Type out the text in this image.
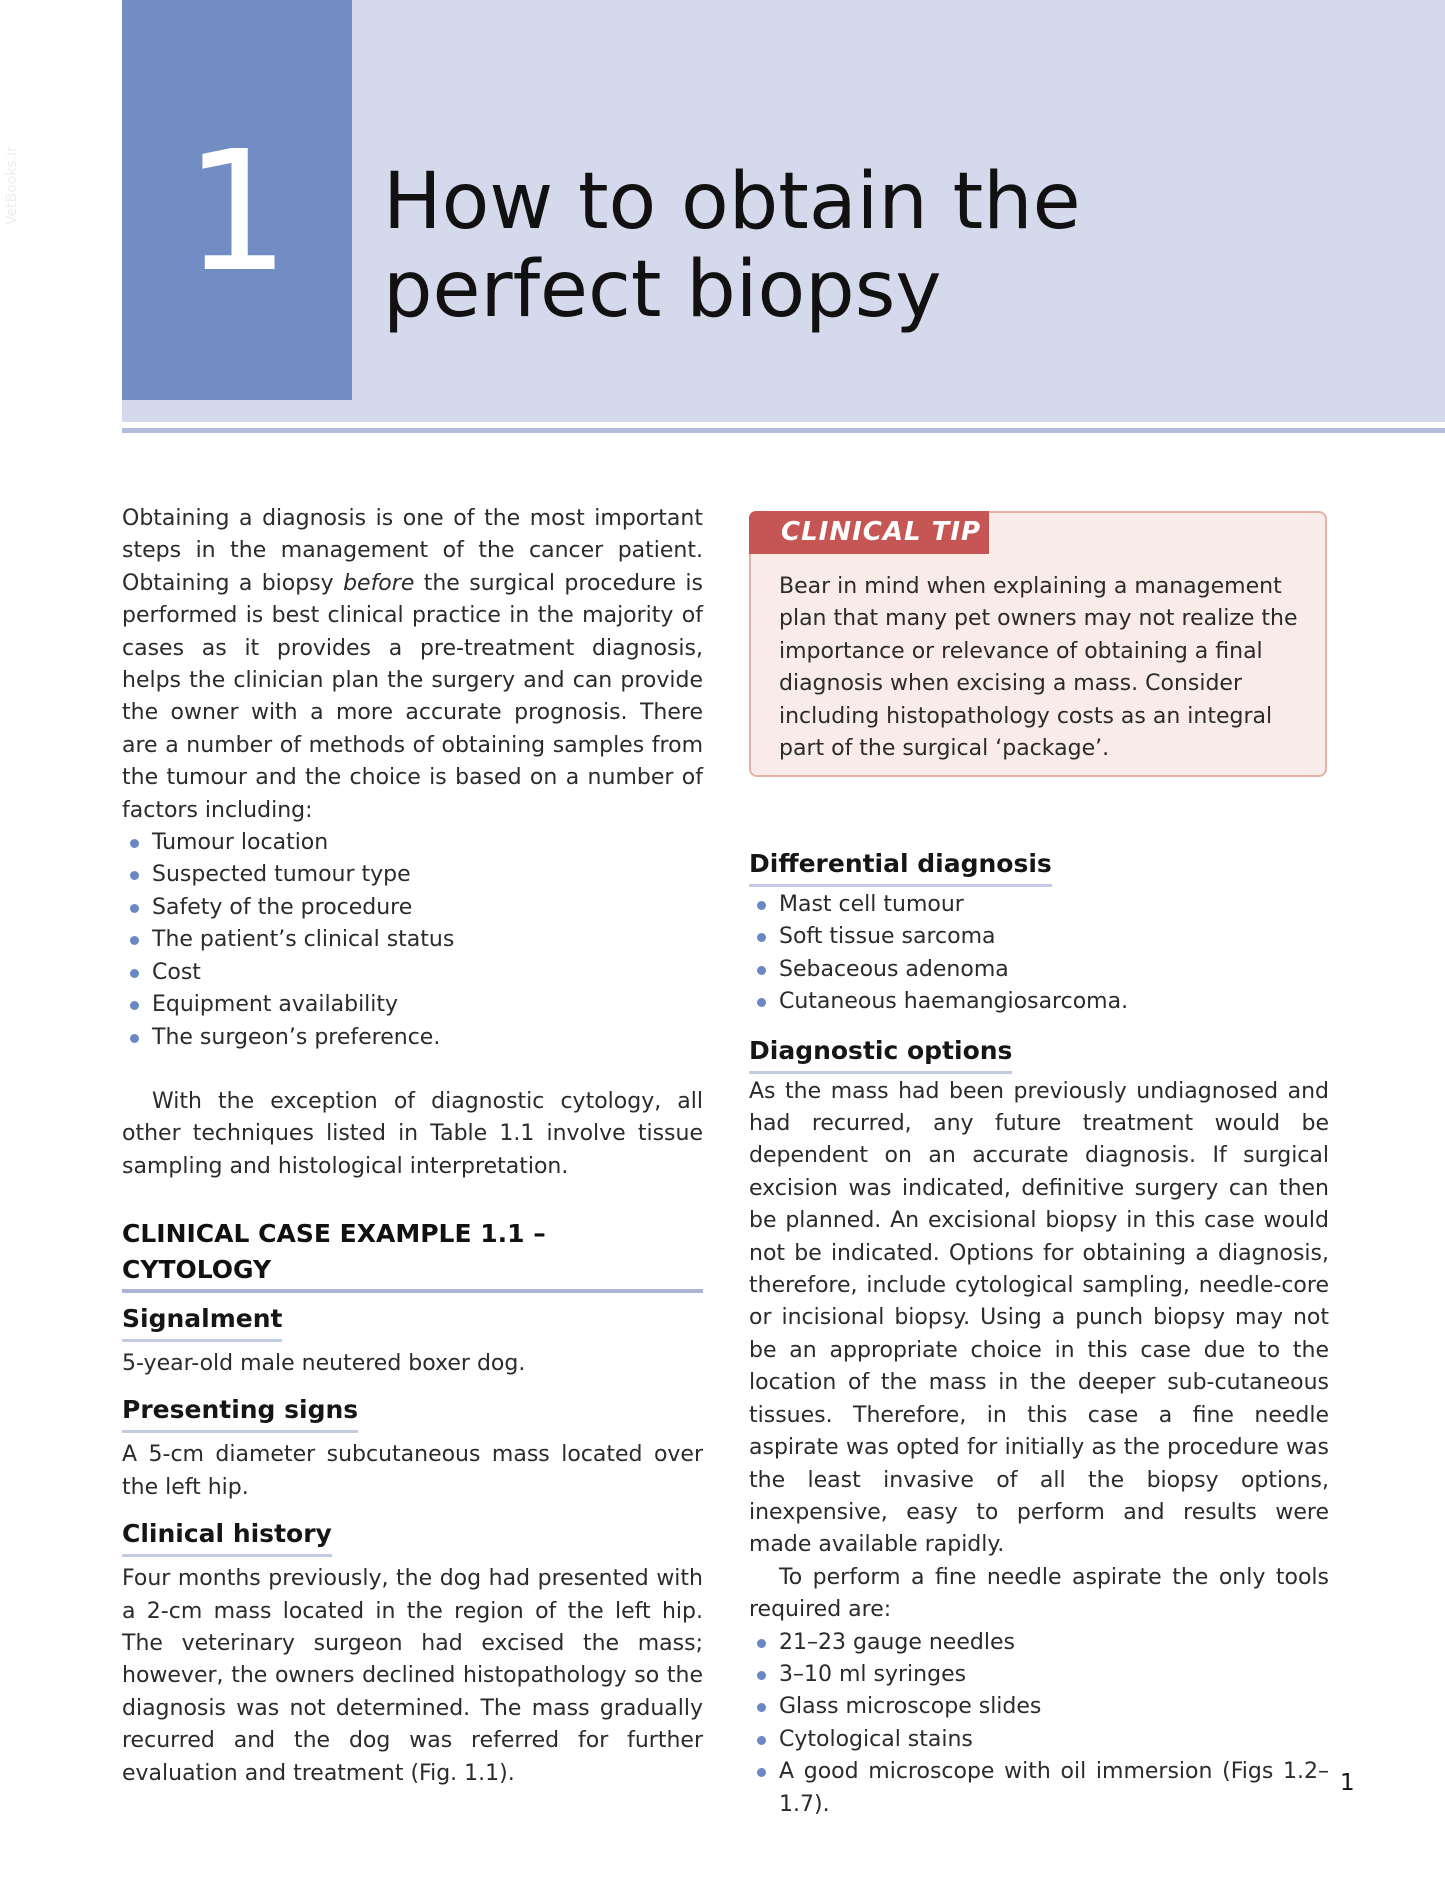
VetBooks.ir 1	How to obtain the
perfect biopsy

Obtaining a diagnosis is one of the most important steps in the management of the cancer patient. Obtaining a biopsy before the surgical procedure is performed is best clinical practice in the majority of cases as it provides a pre-treatment diagnosis, helps the clinician plan the surgery and can provide the owner with a more accurate prognosis. There are a number of methods of obtaining samples from the tumour and the choice is based on a number of factors including:

Tumour location
Suspected tumour type
Safety of the procedure
The patient’s clinical status
Cost
Equipment availability
The surgeon’s preference.

With the exception of diagnostic cytology, all other techniques listed in Table 1.1 involve tissue sampling and histological interpretation.

CLINICAL CASE EXAMPLE 1.1 – CYTOLOGY
Signalment

5-year-old male neutered boxer dog.

Presenting signs

A 5-cm diameter subcutaneous mass located over the left hip.

Clinical history

Four months previously, the dog had presented with a 2-cm mass located in the region of the left hip. The veterinary surgeon had excised the mass; however, the owners declined histopathology so the diagnosis was not determined. The mass gradually recurred and the dog was referred for further evaluation and treatment (Fig. 1.1).

CLINICAL TIP

Bear in mind when explaining a management plan that many pet owners may not realize the importance or relevance of obtaining a final diagnosis when excising a mass. Consider including histopathology costs as an integral part of the surgical ‘package’.

Differential diagnosis
Mast cell tumour
Soft tissue sarcoma
Sebaceous adenoma
Cutaneous haemangiosarcoma.
Diagnostic options

As the mass had been previously undiagnosed and had recurred, any future treatment would be dependent on an accurate diagnosis. If surgical excision was indicated, definitive surgery can then be planned. An excisional biopsy in this case would not be indicated. Options for obtaining a diagnosis, therefore, include cytological sampling, needle-core or incisional biopsy. Using a punch biopsy may not be an appropriate choice in this case due to the location of the mass in the deeper sub-cutaneous tissues. Therefore, in this case a fine needle aspirate was opted for initially as the procedure was the least invasive of all the biopsy options, inexpensive, easy to perform and results were made available rapidly.

To perform a fine needle aspirate the only tools required are:

21–23 gauge needles
3–10 ml syringes
Glass microscope slides
Cytological stains
A good microscope with oil immersion (Figs 1.2–1.7).
1
